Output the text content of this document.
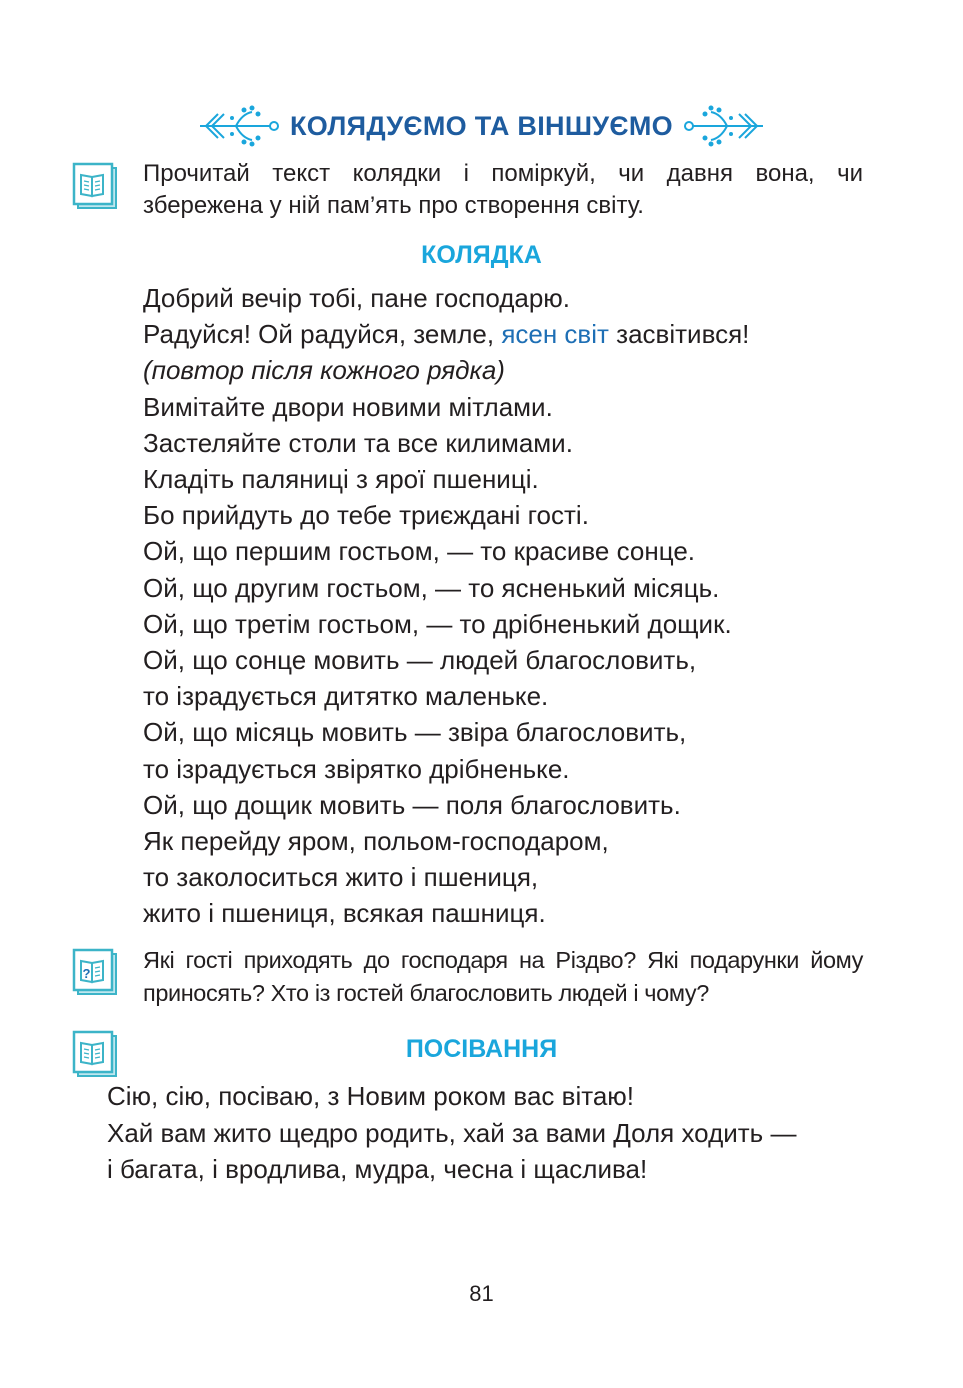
КОЛЯДУЄМО ТА ВІНШУЄМО
Прочитай текст колядки і поміркуй, чи давня вона, чи збережена у ній пам’ять про створення світу.
КОЛЯДКА
Добрий вечір тобі, пане господарю.
Радуйся! Ой радуйся, земле, ясен світ засвітився!
(повтор після кожного рядка)
Вимітайте двори новими мітлами.
Застеляйте столи та все килимами.
Кладіть паляниці з ярої пшениці.
Бо прийдуть до тебе триєждані гості.
Ой, що першим гостьом, — то красиве сонце.
Ой, що другим гостьом, — то ясненький місяць.
Ой, що третім гостьом, — то дрібненький дощик.
Ой, що сонце мовить — людей благословить,
то ізрадується дитятко маленьке.
Ой, що місяць мовить — звіра благословить,
то ізрадується звірятко дрібненьке.
Ой, що дощик мовить — поля благословить.
Як перейду яром, польом-господаром,
то заколоситься жито і пшениця,
жито і пшениця, всякая пашниця.
?
Які гості приходять до господаря на Різдво? Які подарунки йому приносять? Хто із гостей благословить людей і чому?
ПОСІВАННЯ
Сію, сію, посіваю, з Новим роком вас вітаю!
Хай вам жито щедро родить, хай за вами Доля ходить —
і багата, і вродлива, мудра, чесна і щаслива!
81
